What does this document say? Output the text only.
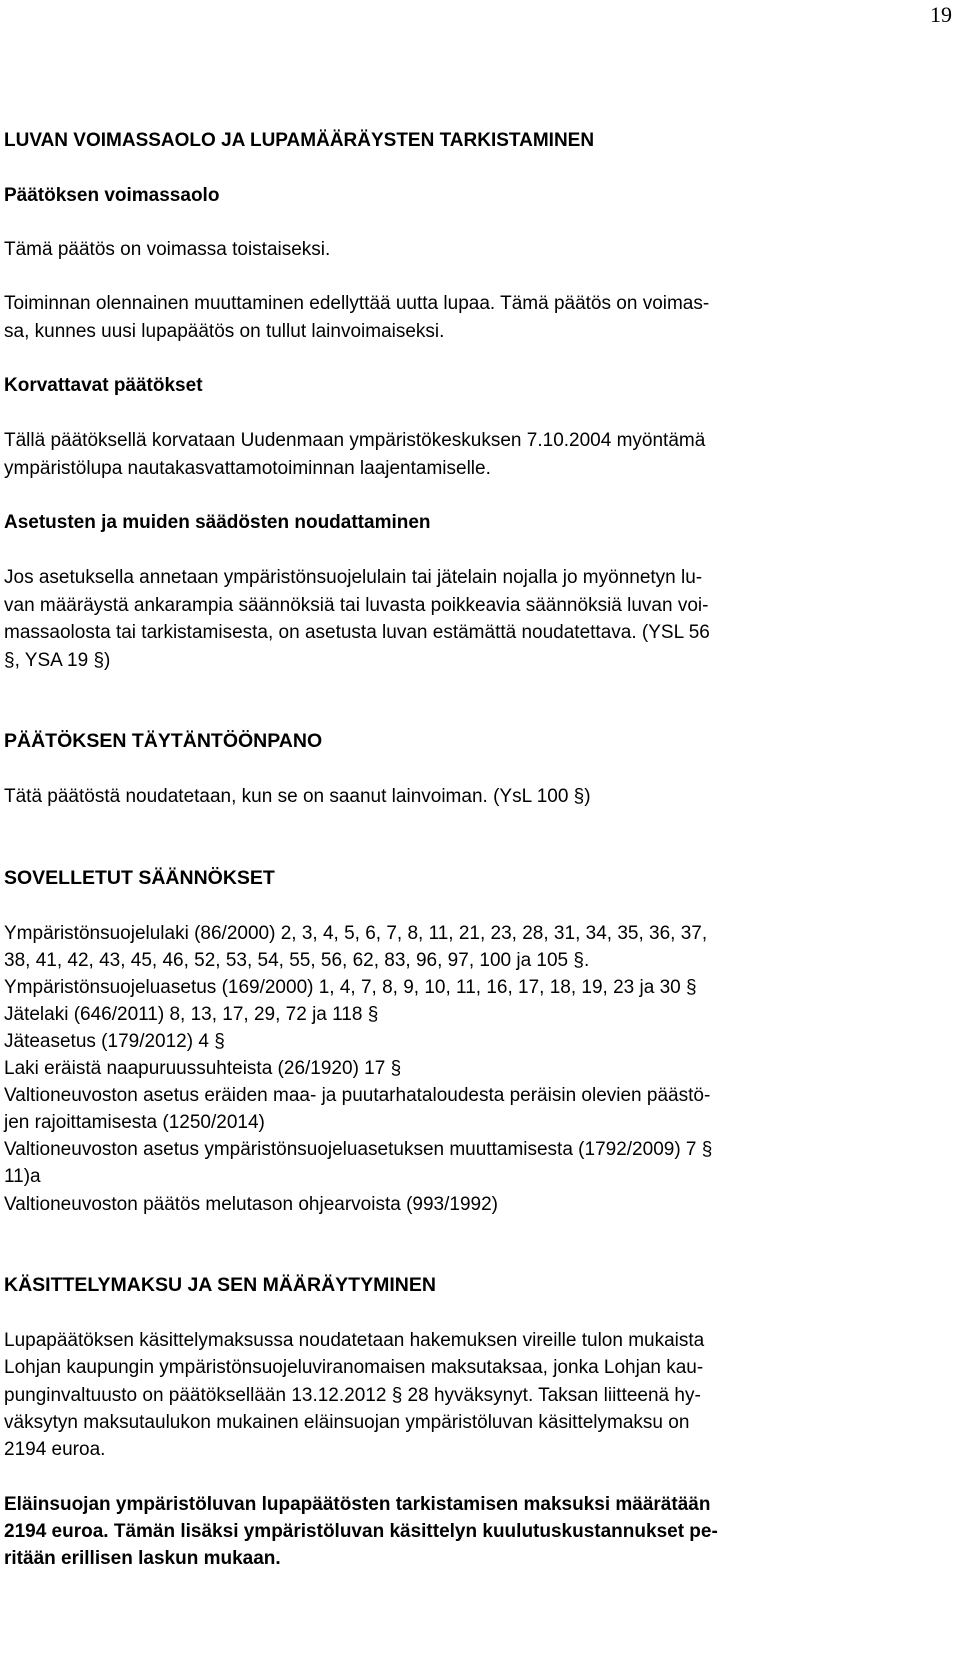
19

LUVAN VOIMASSAOLO JA LUPAMÄÄRÄYSTEN TARKISTAMINEN

Päätöksen voimassaolo

Tämä päätös on voimassa toistaiseksi.

Toiminnan olennainen muuttaminen edellyttää uutta lupaa. Tämä päätös on voimas-

sa, kunnes uusi lupapäätös on tullut lainvoimaiseksi.

Korvattavat päätökset

Tällä päätöksellä korvataan Uudenmaan ympäristökeskuksen 7.10.2004 myöntämä

ympäristölupa nautakasvattamotoiminnan laajentamiselle.

Asetusten ja muiden säädösten noudattaminen

Jos asetuksella annetaan ympäristönsuojelulain tai jätelain nojalla jo myönnetyn lu-

van määräystä ankarampia säännöksiä tai luvasta poikkeavia säännöksiä luvan voi-

massaolosta tai tarkistamisesta, on asetusta luvan estämättä noudatettava. (YSL 56

§, YSA 19 §)

PÄÄTÖKSEN TÄYTÄNTÖÖNPANO

Tätä päätöstä noudatetaan, kun se on saanut lainvoiman. (YsL 100 §)

SOVELLETUT SÄÄNNÖKSET

Ympäristönsuojelulaki (86/2000) 2, 3, 4, 5, 6, 7, 8, 11, 21, 23, 28, 31, 34, 35, 36, 37,

38, 41, 42, 43, 45, 46, 52, 53, 54, 55, 56, 62, 83, 96, 97, 100 ja 105 §.

Ympäristönsuojeluasetus (169/2000) 1, 4, 7, 8, 9, 10, 11, 16, 17, 18, 19, 23 ja 30 §

Jätelaki (646/2011) 8, 13, 17, 29, 72 ja 118 §

Jäteasetus (179/2012) 4 §

Laki eräistä naapuruussuhteista (26/1920) 17 §

Valtioneuvoston asetus eräiden maa- ja puutarhataloudesta peräisin olevien päästö-

jen rajoittamisesta (1250/2014)

Valtioneuvoston asetus ympäristönsuojeluasetuksen muuttamisesta (1792/2009) 7 §

11)a

Valtioneuvoston päätös melutason ohjearvoista (993/1992)

KÄSITTELYMAKSU JA SEN MÄÄRÄYTYMINEN

Lupapäätöksen käsittelymaksussa noudatetaan hakemuksen vireille tulon mukaista

Lohjan kaupungin ympäristönsuojeluviranomaisen maksutaksaa, jonka Lohjan kau-

punginvaltuusto on päätöksellään 13.12.2012 § 28 hyväksynyt. Taksan liitteenä hy-

väksytyn maksutaulukon mukainen eläinsuojan ympäristöluvan käsittelymaksu on

2194 euroa.

Eläinsuojan ympäristöluvan lupapäätösten tarkistamisen maksuksi määrätään

2194 euroa. Tämän lisäksi ympäristöluvan käsittelyn kuulutuskustannukset pe-

ritään erillisen laskun mukaan.
